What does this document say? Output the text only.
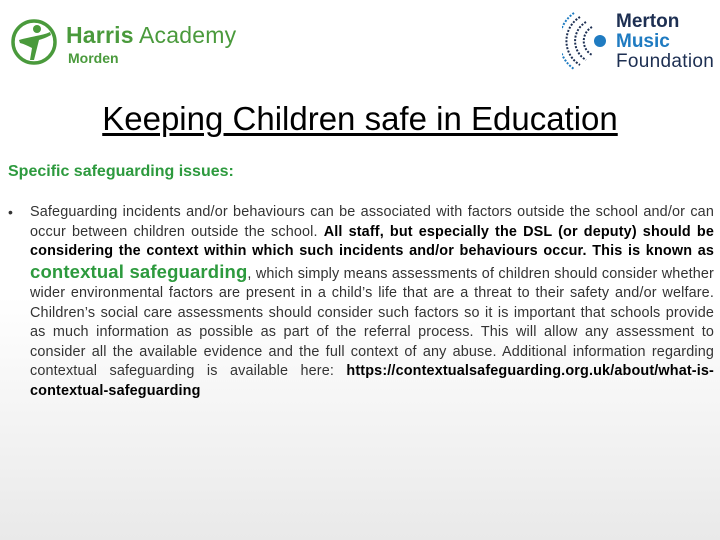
Harris Academy
Morden
Merton
Music
Foundation
Keeping Children safe in Education
Specific safeguarding issues:
•	Safeguarding incidents and/or behaviours can be associated with factors outside the school and/or can occur between children outside the school. All staff, but especially the DSL (or deputy) should be considering the context within which such incidents and/or behaviours occur. This is known as contextual safeguarding, which simply means assessments of children should consider whether wider environmental factors are present in a child’s life that are a threat to their safety and/or welfare. Children’s social care assessments should consider such factors so it is important that schools provide as much information as possible as part of the referral process. This will allow any assessment to consider all the available evidence and the full context of any abuse. Additional information regarding contextual safeguarding is available here: https://contextualsafeguarding.org.uk/about/what-is-contextual-safeguarding
